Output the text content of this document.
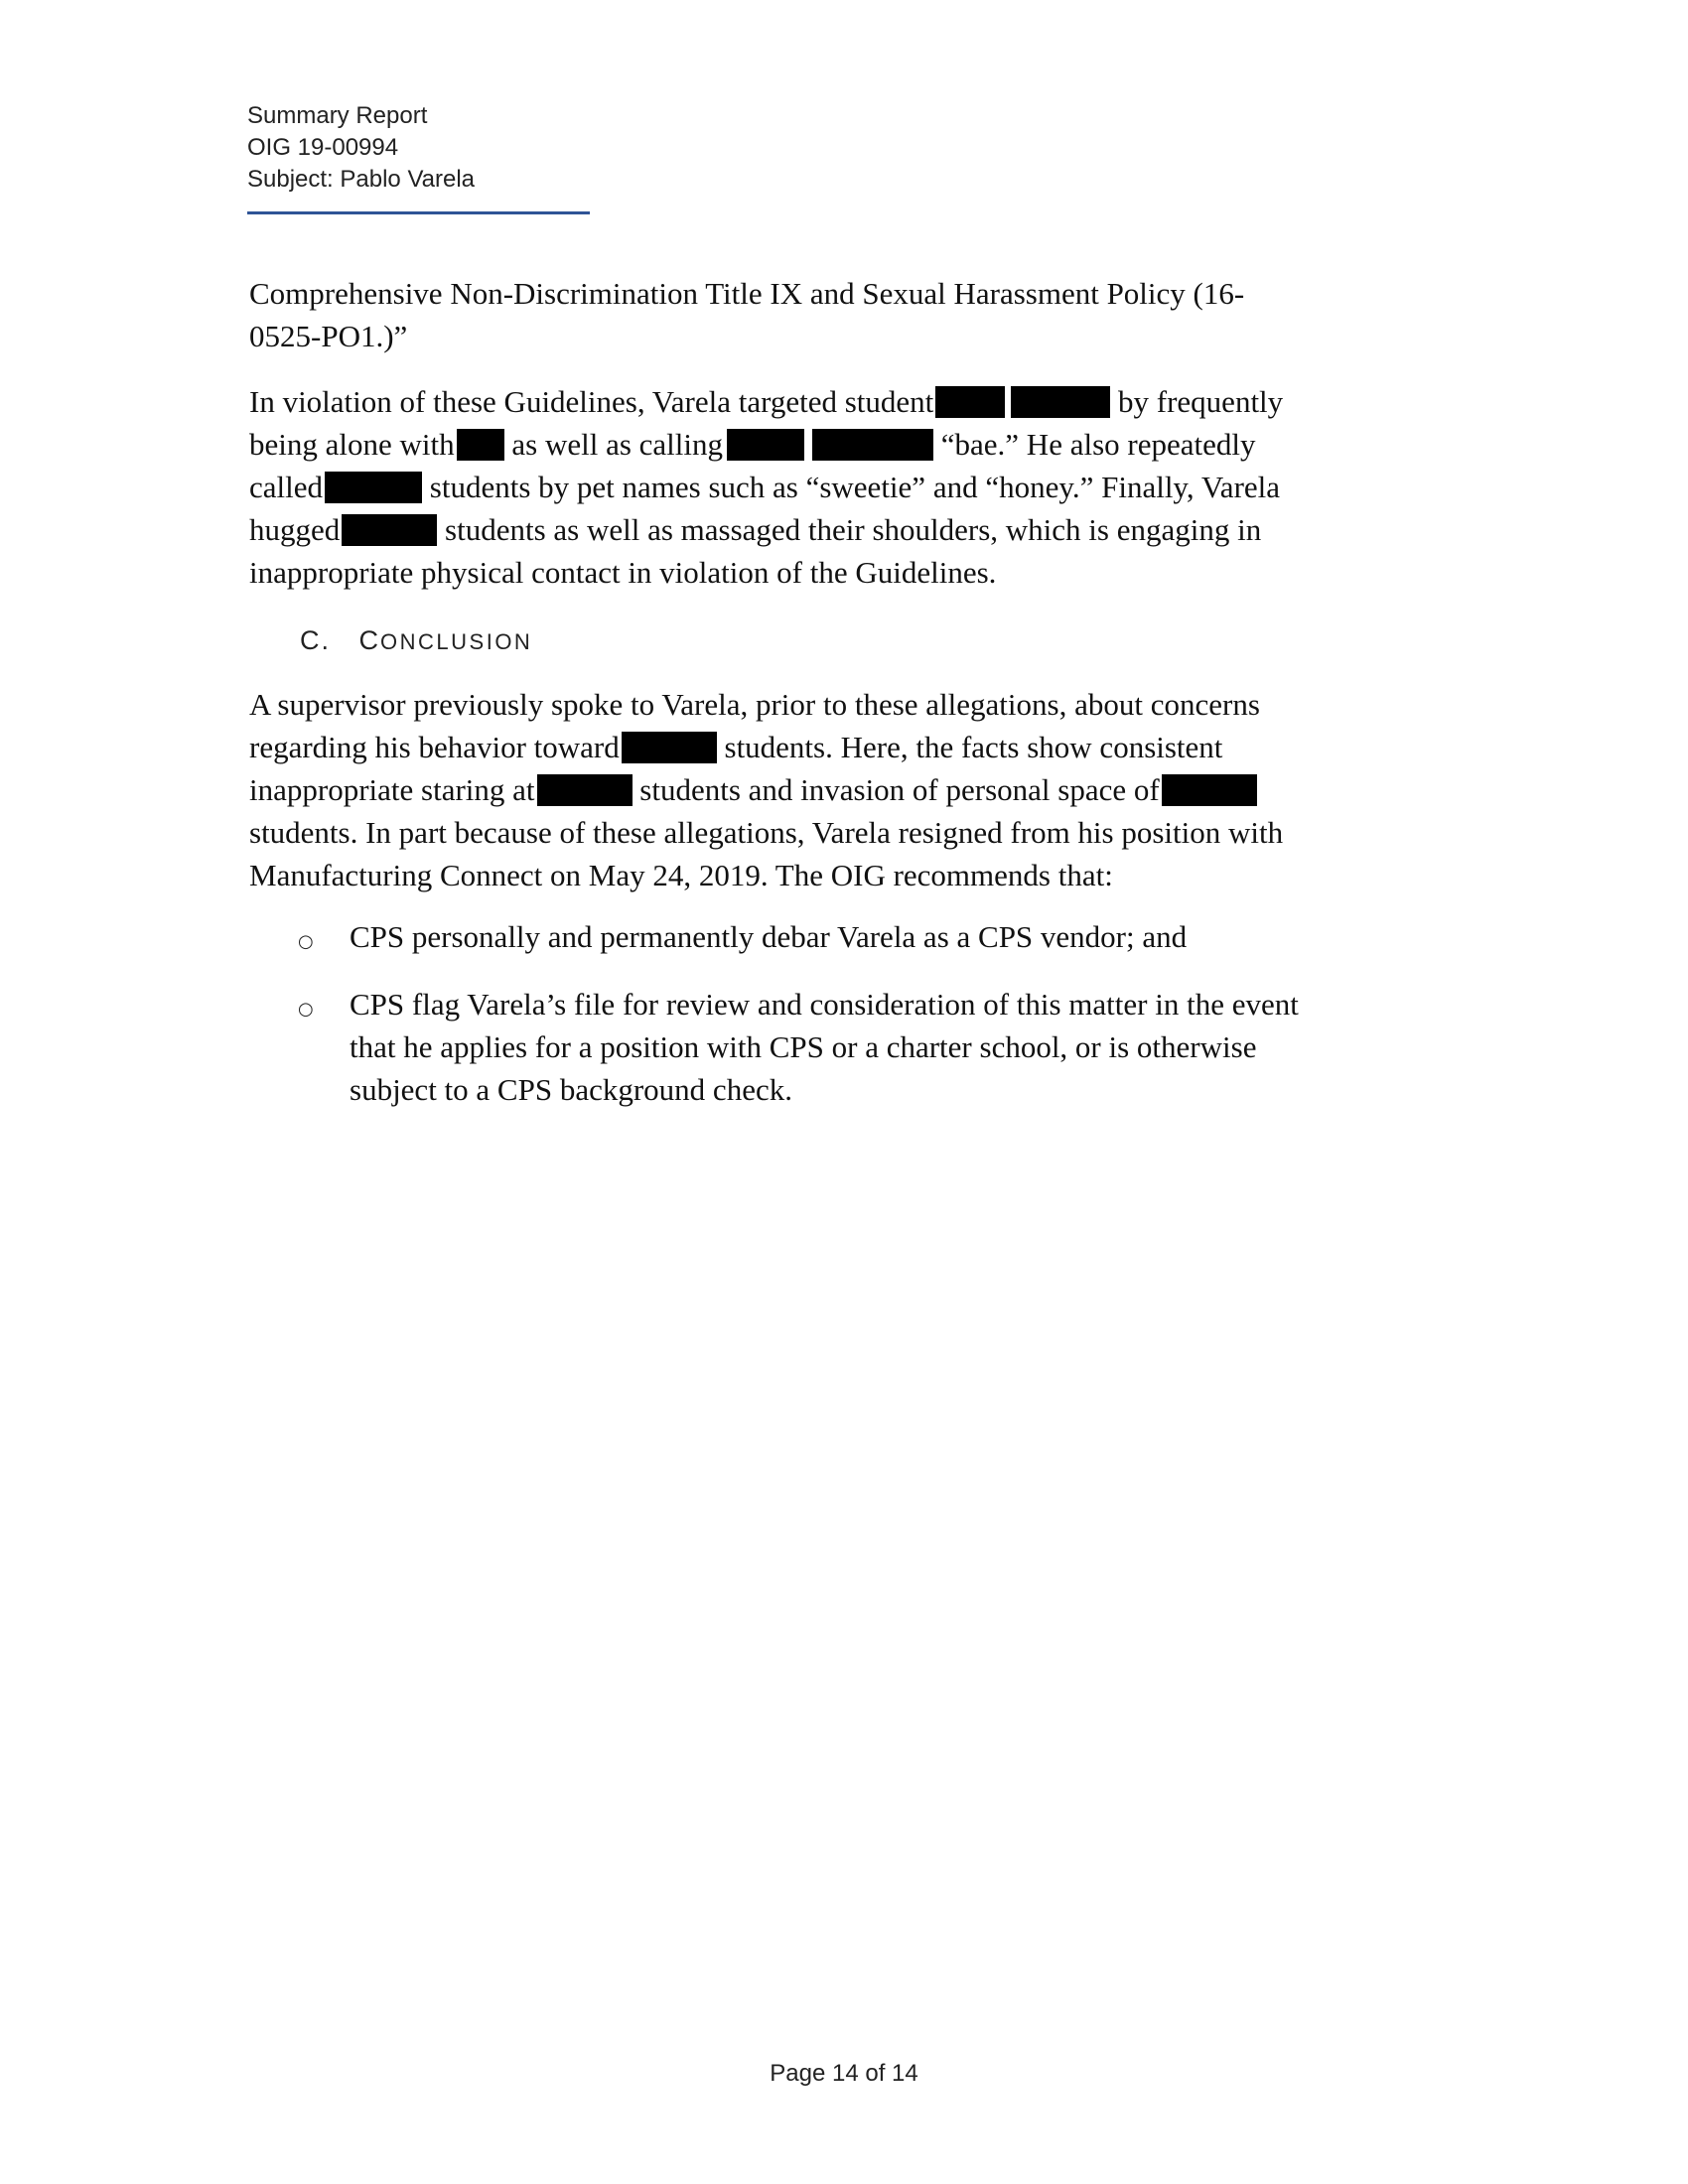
Summary Report
OIG 19-00994
Subject: Pablo Varela

Comprehensive Non-Discrimination Title IX and Sexual Harassment Policy (16-
0525-PO1.)”

In violation of these Guidelines, Varela targeted student	by frequently
being alone with as well as calling	“bae.” He also repeatedly
called	students by pet names such as “sweetie” and “honey.” Finally, Varela
hugged	students as well as massaged their shoulders, which is engaging in
inappropriate physical contact in violation of the Guidelines.

C. CONCLUSION

A supervisor previously spoke to Varela, prior to these allegations, about concerns
regarding his behavior toward	students. Here, the facts show consistent
inappropriate staring at	students and invasion of personal space of
students. In part because of these allegations, Varela resigned from his position with
Manufacturing Connect on May 24, 2019. The OIG recommends that:

○ CPS personally and permanently debar Varela as a CPS vendor; and

○ CPS flag Varela’s file for review and consideration of this matter in the event
that he applies for a position with CPS or a charter school, or is otherwise
subject to a CPS background check.

Page 14 of 14
